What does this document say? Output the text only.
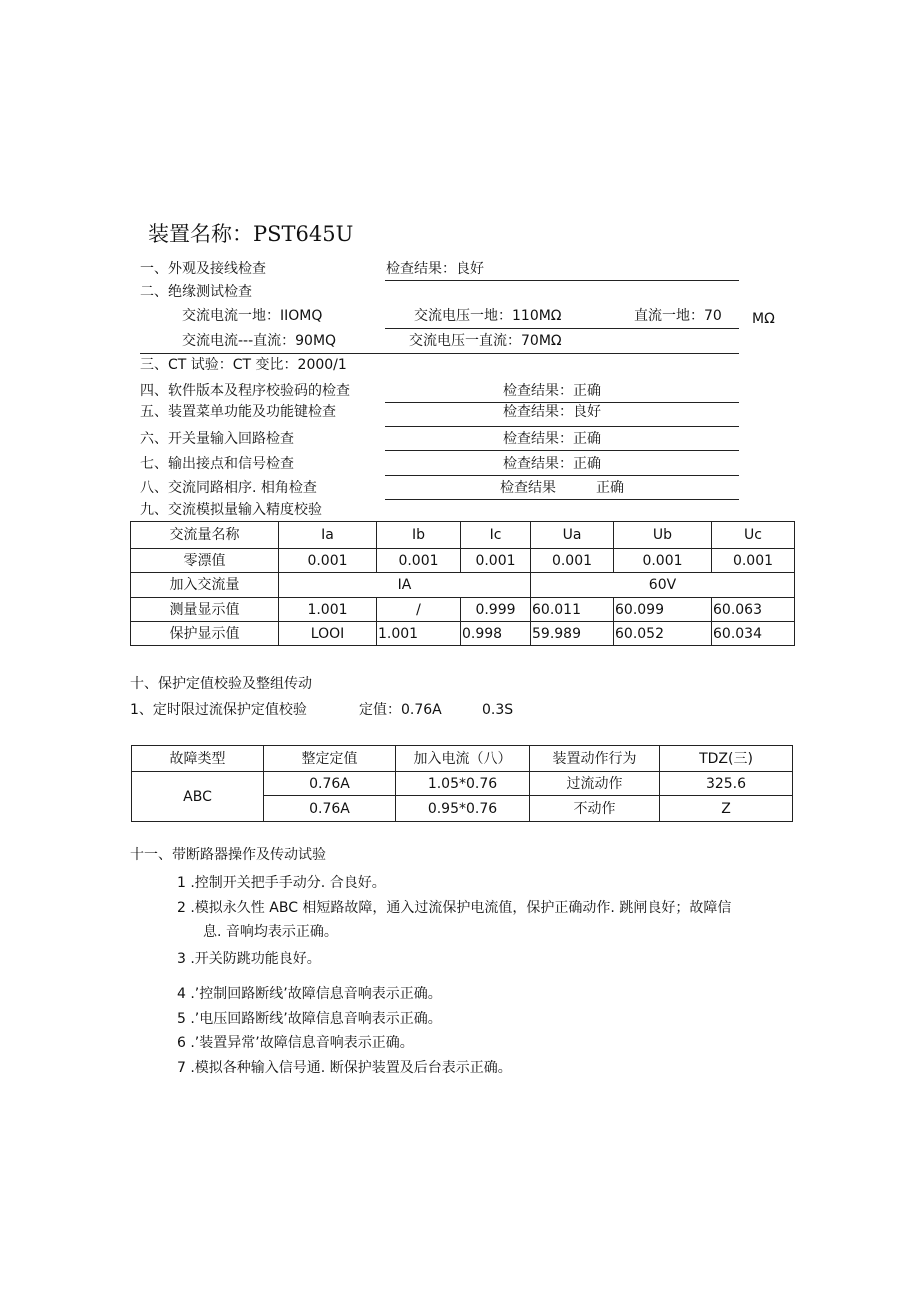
装置名称：PST645U
一、外观及接线检查	检查结果：良好
二、绝缘测试检查
交流电流一地：IIOMQ	交流电压一地：110MΩ	直流一地：70 MΩ
交流电流---直流：90MQ	交流电压一直流：70MΩ
三、CT 试验：CT 变比：2000/1
四、软件版本及程序校验码的检查	检查结果：正确
五、装置菜单功能及功能键检查	检查结果：良好
六、开关量输入回路检查	检查结果：正确
七、输出接点和信号检查	检查结果：正确
八、交流同路相序. 相角检查	检查结果	正确
九、交流模拟量输入精度校验
交流量名称	Ia	Ib	Ic	Ua	Ub	Uc
零漂值	0.001	0.001	0.001	0.001	0.001	0.001
加入交流量	IA			60V		
测量显示值	1.001	/	0.999	60.011	60.099	60.063
保护显示值	LOOI	1.001	0.998	59.989	60.052	60.034
十、保护定值校验及整组传动
1、定时限过流保护定值校验	定值：0.76A	0.3S
故障类型	整定定值	加入电流（八）	装置动作行为	TDZ(三)
ABC	0.76A	1.05*0.76	过流动作	325.6
	0.76A	0.95*0.76	不动作	Z
十一、带断路器操作及传动试验
1 .控制开关把手手动分. 合良好。
2 .模拟永久性 ABC 相短路故障，通入过流保护电流值，保护正确动作. 跳闸良好；故障信
息. 音响均表示正确。
3 .开关防跳功能良好。
4 .’控制回路断线’故障信息音响表示正确。
5 .’电压回路断线’故障信息音响表示正确。
6 .’装置异常’故障信息音响表示正确。
7 .模拟各种输入信号通. 断保护装置及后台表示正确。
